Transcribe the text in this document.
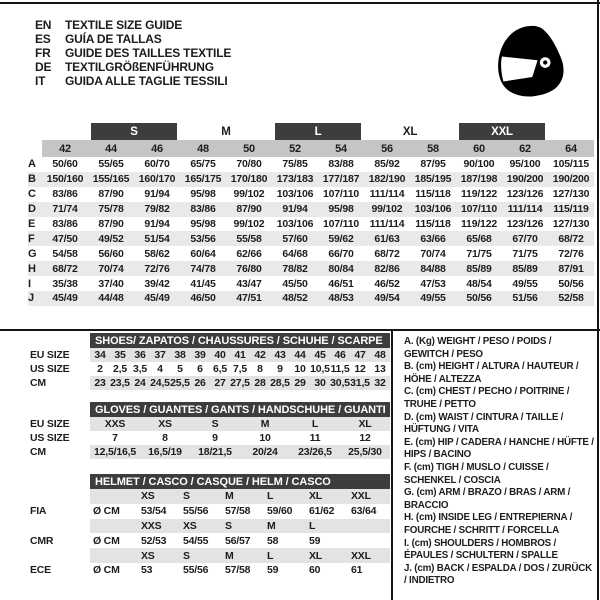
EN	TEXTILE SIZE GUIDE
ES	GUÍA DE TALLAS
FR	GUIDE DES TAILLES TEXTILE
DE	TEXTILGRÖßENFÜHRUNG
IT	GUIDA ALLE TAGLIE TESSILI
S	M	L	XL	XXL
42	44	46	48	50	52	54	56	58	60	62	64
A	50/60	55/65	60/70	65/75	70/80	75/85	83/88	85/92	87/95	90/100	95/100	105/115
B	150/160 155/165 160/170 165/175 170/180 173/183 177/187 182/190 185/195 187/198 190/200 190/200
C	83/86	87/90	91/94	95/98	99/102	103/106 107/110	111/114	115/118 119/122 123/126 127/130
D	71/74	75/78	79/82	83/86	87/90	91/94	95/98	99/102	103/106 107/110	111/114	115/119
E	83/86	87/90	91/94	95/98	99/102	103/106 107/110	111/114	115/118 119/122 123/126 127/130
F	47/50	49/52	51/54	53/56	55/58	57/60	59/62	61/63	63/66	65/68	67/70	68/72
G	54/58	56/60	58/62	60/64	62/66	64/68	66/70	68/72	70/74	71/75	71/75	72/76
H	68/72	70/74	72/76	74/78	76/80	78/82	80/84	82/86	84/88	85/89	85/89	87/91
I	35/38	37/40	39/42	41/45	43/47	45/50	46/51	46/52	47/53	48/54	49/55	50/56
J	45/49	44/48	45/49	46/50	47/51	48/52	48/53	49/54	49/55	50/56	51/56	52/58
SHOES/ ZAPATOS / CHAUSSURES / SCHUHE / SCARPE
EU SIZE	34 35 36 37 38 39 40 41 42 43 44 45 46 47 48
US SIZE	2 2,5 3,5 4	5	6 6,5 7,5 8	9	10 10,5 11,5 12 13
CM	23 23,5 24 24,5 25,5 26 27 27,5 28 28,5 29 30 30,5 31,5 32
GLOVES / GUANTES / GANTS / HANDSCHUHE / GUANTI
EU SIZE	XXS	XS	S	M	L	XL
US SIZE	7	8	9	10	11	12
CM	12,5/16,5	16,5/19	18/21,5	20/24	23/26,5	25,5/30
HELMET / CASCO / CASQUE / HELM / CASCO
XS	S	M	L	XL	XXL
FIA	Ø CM	53/54	55/56	57/58	59/60	61/62	63/64
XXS	XS	S	M	L
CMR	Ø CM	52/53	54/55	56/57	58	59
XS	S	M	L	XL	XXL
ECE	Ø CM	53	55/56	57/58	59	60	61
A. (Kg) WEIGHT / PESO / POIDS / GEWITCH / PESO
B. (cm) HEIGHT / ALTURA / HAUTEUR / HÖHE / ALTEZZA
C. (cm) CHEST / PECHO / POITRINE / TRUHE / PETTO
D. (cm) WAIST / CINTURA / TAILLE / HÜFTUNG / VITA
E. (cm) HIP / CADERA / HANCHE / HÜFTE / HIPS / BACINO
F. (cm) TIGH / MUSLO / CUISSE / SCHENKEL / COSCIA
G. (cm) ARM / BRAZO / BRAS / ARM / BRACCIO
H. (cm) INSIDE LEG / ENTREPIERNA / FOURCHE / SCHRITT / FORCELLA
I. (cm) SHOULDERS / HOMBROS / ÉPAULES / SCHULTERN / SPALLE
J. (cm) BACK / ESPALDA / DOS / ZURÜCK / INDIETRO
